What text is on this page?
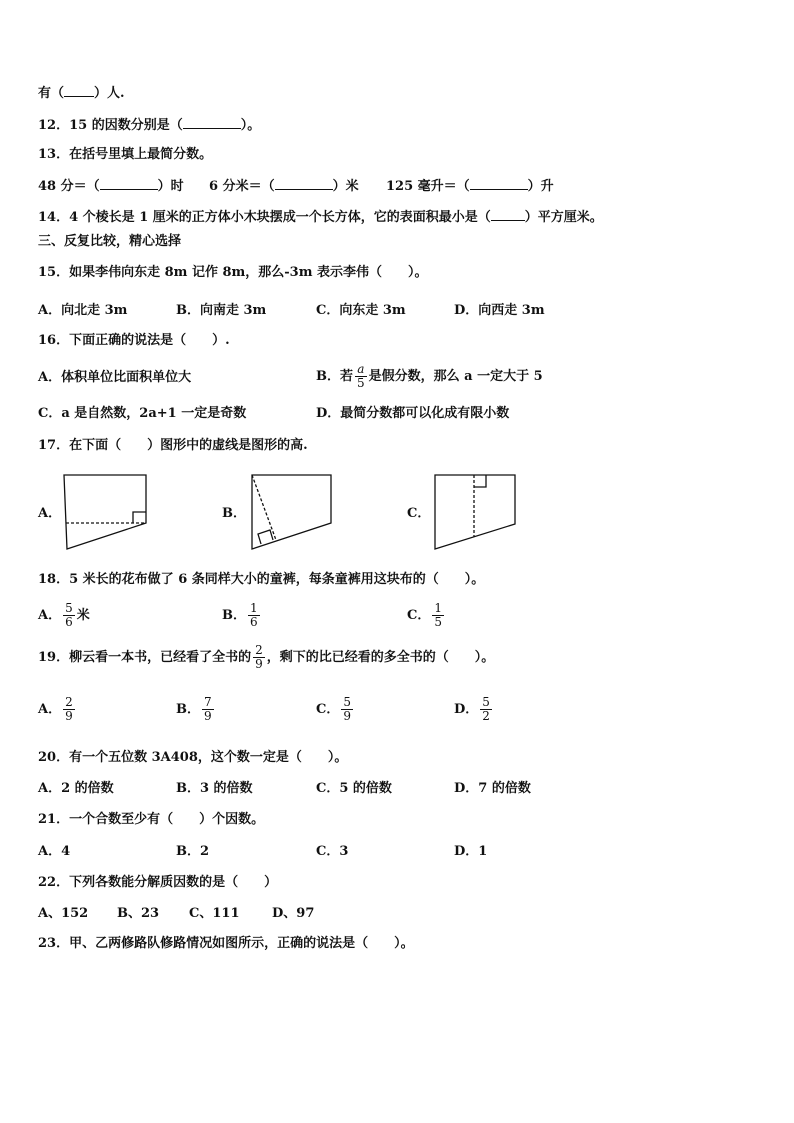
有（ ）人.
12．15 的因数分别是（	）。
13．在括号里填上最简分数。
48 分＝（	）时 6 分米＝（	）米 125 毫升＝（	）升
14．4 个棱长是 1 厘米的正方体小木块摆成一个长方体，它的表面积最小是（	）平方厘米。
三、反复比较，精心选择
15．如果李伟向东走 8m 记作 8m，那么-3m 表示李伟（　　）。
A．向北走 3m	B．向南走 3m	C．向东走 3m	D．向西走 3m
16．下面正确的说法是（　　）.
A．体积单位比面积单位大	B．若 $\frac{a}{5}$ 是假分数，那么 a 一定大于 5
C．a 是自然数，2a+1 一定是奇数	D．最简分数都可以化成有限小数
17．在下面（　　）图形中的虚线是图形的高.
A．	B．	C．
18．5 米长的花布做了 6 条同样大小的童裤，每条童裤用这块布的（　　）。
A． $\frac{5}{6}$ 米	B． $\frac{1}{6}$	C． $\frac{1}{5}$
19．柳云看一本书，已经看了全书的 $\frac{2}{9}$ ，剩下的比已经看的多全书的（　　）。
A． $\frac{2}{9}$	B． $\frac{7}{9}$	C． $\frac{5}{9}$	D． $\frac{5}{2}$
20．有一个五位数 3A408，这个数一定是（　　）。
A．2 的倍数	B．3 的倍数	C．5 的倍数	D．7 的倍数
21．一个合数至少有（　　）个因数。
A．4	B．2	C．3	D．1
22．下列各数能分解质因数的是（　　）
A、152 B、23 C、111	D、97
23．甲、乙两修路队修路情况如图所示，正确的说法是（　　）。
